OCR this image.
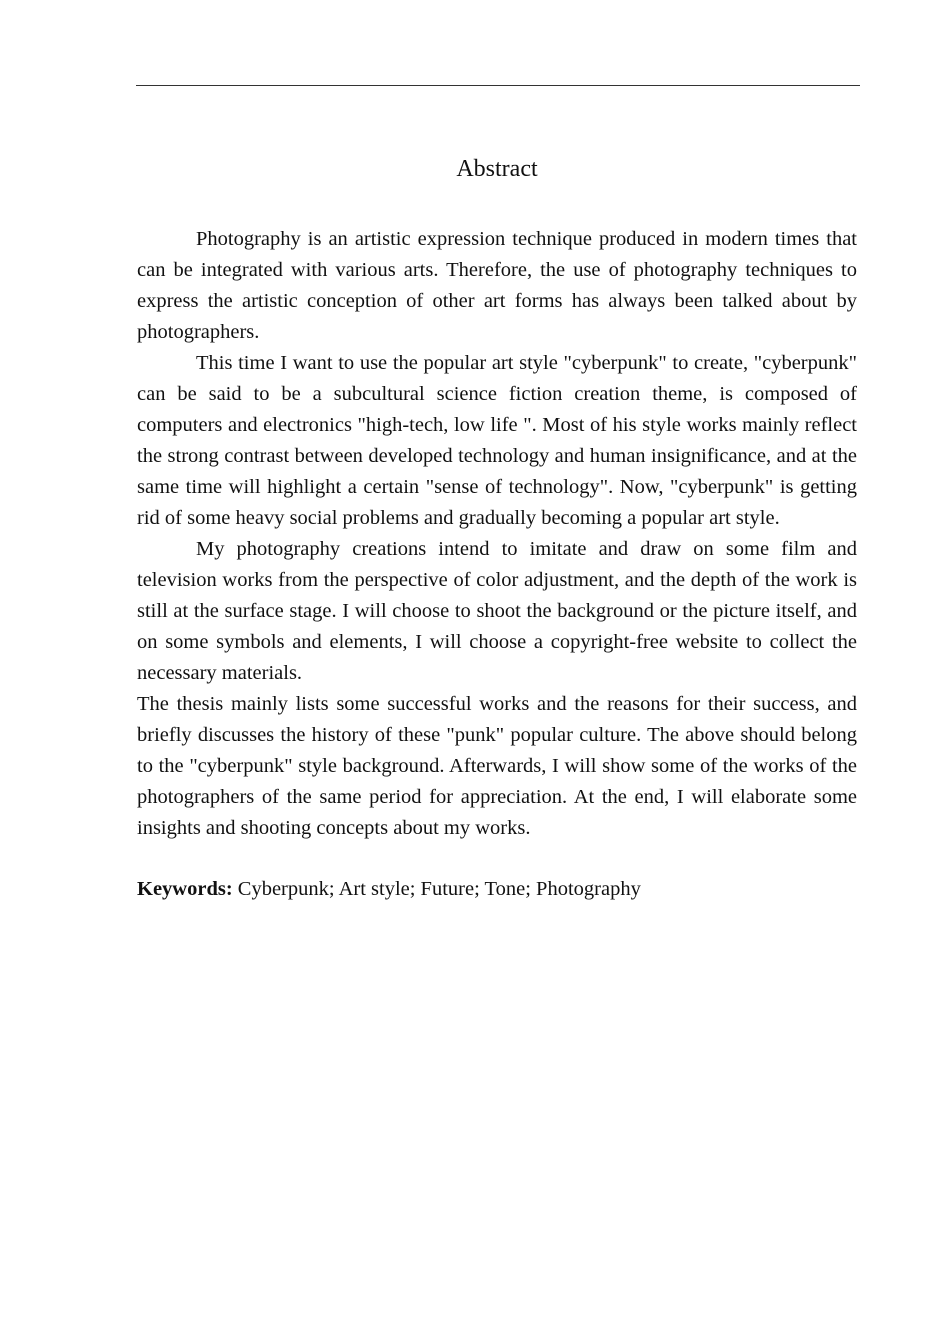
Abstract

Photography is an artistic expression technique produced in modern times that can be integrated with various arts. Therefore, the use of photography techniques to express the artistic conception of other art forms has always been talked about by photographers.

This time I want to use the popular art style "cyberpunk" to create, "cyberpunk" can be said to be a subcultural science fiction creation theme, is composed of computers and electronics "high-tech, low life ". Most of his style works mainly reflect the strong contrast between developed technology and human insignificance, and at the same time will highlight a certain "sense of technology". Now, "cyberpunk" is getting rid of some heavy social problems and gradually becoming a popular art style.

My photography creations intend to imitate and draw on some film and television works from the perspective of color adjustment, and the depth of the work is still at the surface stage. I will choose to shoot the background or the picture itself, and on some symbols and elements, I will choose a copyright-free website to collect the necessary materials.

The thesis mainly lists some successful works and the reasons for their success, and briefly discusses the history of these "punk" popular culture. The above should belong to the "cyberpunk" style background. Afterwards, I will show some of the works of the photographers of the same period for appreciation. At the end, I will elaborate some insights and shooting concepts about my works.

Keywords: Cyberpunk; Art style; Future; Tone; Photography
